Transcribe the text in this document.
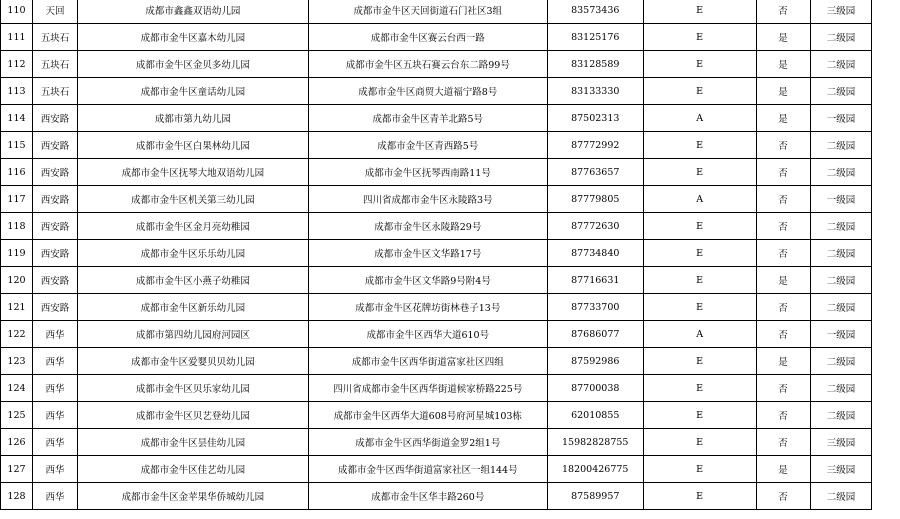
110	天回	成都市鑫鑫双语幼儿园	成都市金牛区天回街道石门社区3组	83573436	E	否	三级园	
111	五块石	成都市金牛区嘉木幼儿园	成都市金牛区赛云台西一路	83125176	E	是	二级园	
112	五块石	成都市金牛区金贝多幼儿园	成都市金牛区五块石赛云台东二路99号	83128589	E	是	二级园	
113	五块石	成都市金牛区童话幼儿园	成都市金牛区商贸大道福宁路8号	83133330	E	是	二级园	
114	西安路	成都市第九幼儿园	成都市金牛区青羊北路5号	87502313	A	是	一级园	
115	西安路	成都市金牛区白果林幼儿园	成都市金牛区青西路5号	87772992	E	否	二级园	
116	西安路	成都市金牛区抚琴大地双语幼儿园	成都市金牛区抚琴西南路11号	87763657	E	否	二级园	
117	西安路	成都市金牛区机关第三幼儿园	四川省成都市金牛区永陵路3号	87779805	A	否	一级园	
118	西安路	成都市金牛区金月亮幼稚园	成都市金牛区永陵路29号	87772630	E	否	二级园	
119	西安路	成都市金牛区乐乐幼儿园	成都市金牛区文华路17号	87734840	E	否	二级园	
120	西安路	成都市金牛区小燕子幼稚园	成都市金牛区文华路9号附4号	87716631	E	是	二级园	
121	西安路	成都市金牛区新乐幼儿园	成都市金牛区花牌坊街林巷子13号	87733700	E	否	二级园	
122	西华	成都市第四幼儿园府河园区	成都市金牛区西华大道610号	87686077	A	否	一级园	
123	西华	成都市金牛区爱婴贝贝幼儿园	成都市金牛区西华街道富家社区四组	87592986	E	是	二级园	
124	西华	成都市金牛区贝乐家幼儿园	四川省成都市金牛区西华街道候家桥路225号	87700038	E	否	二级园	
125	西华	成都市金牛区贝艺登幼儿园	成都市金牛区西华大道608号府河星城103栋	62010855	E	否	二级园	
126	西华	成都市金牛区昙佳幼儿园	成都市金牛区西华街道金罗2组1号	15982828755	E	否	三级园	
127	西华	成都市金牛区佳艺幼儿园	成都市金牛区西华街道富家社区一组144号	18200426775	E	是	三级园	
128	西华	成都市金牛区金苹果华侨城幼儿园	成都市金牛区华丰路260号	87589957	E	否	二级园	
